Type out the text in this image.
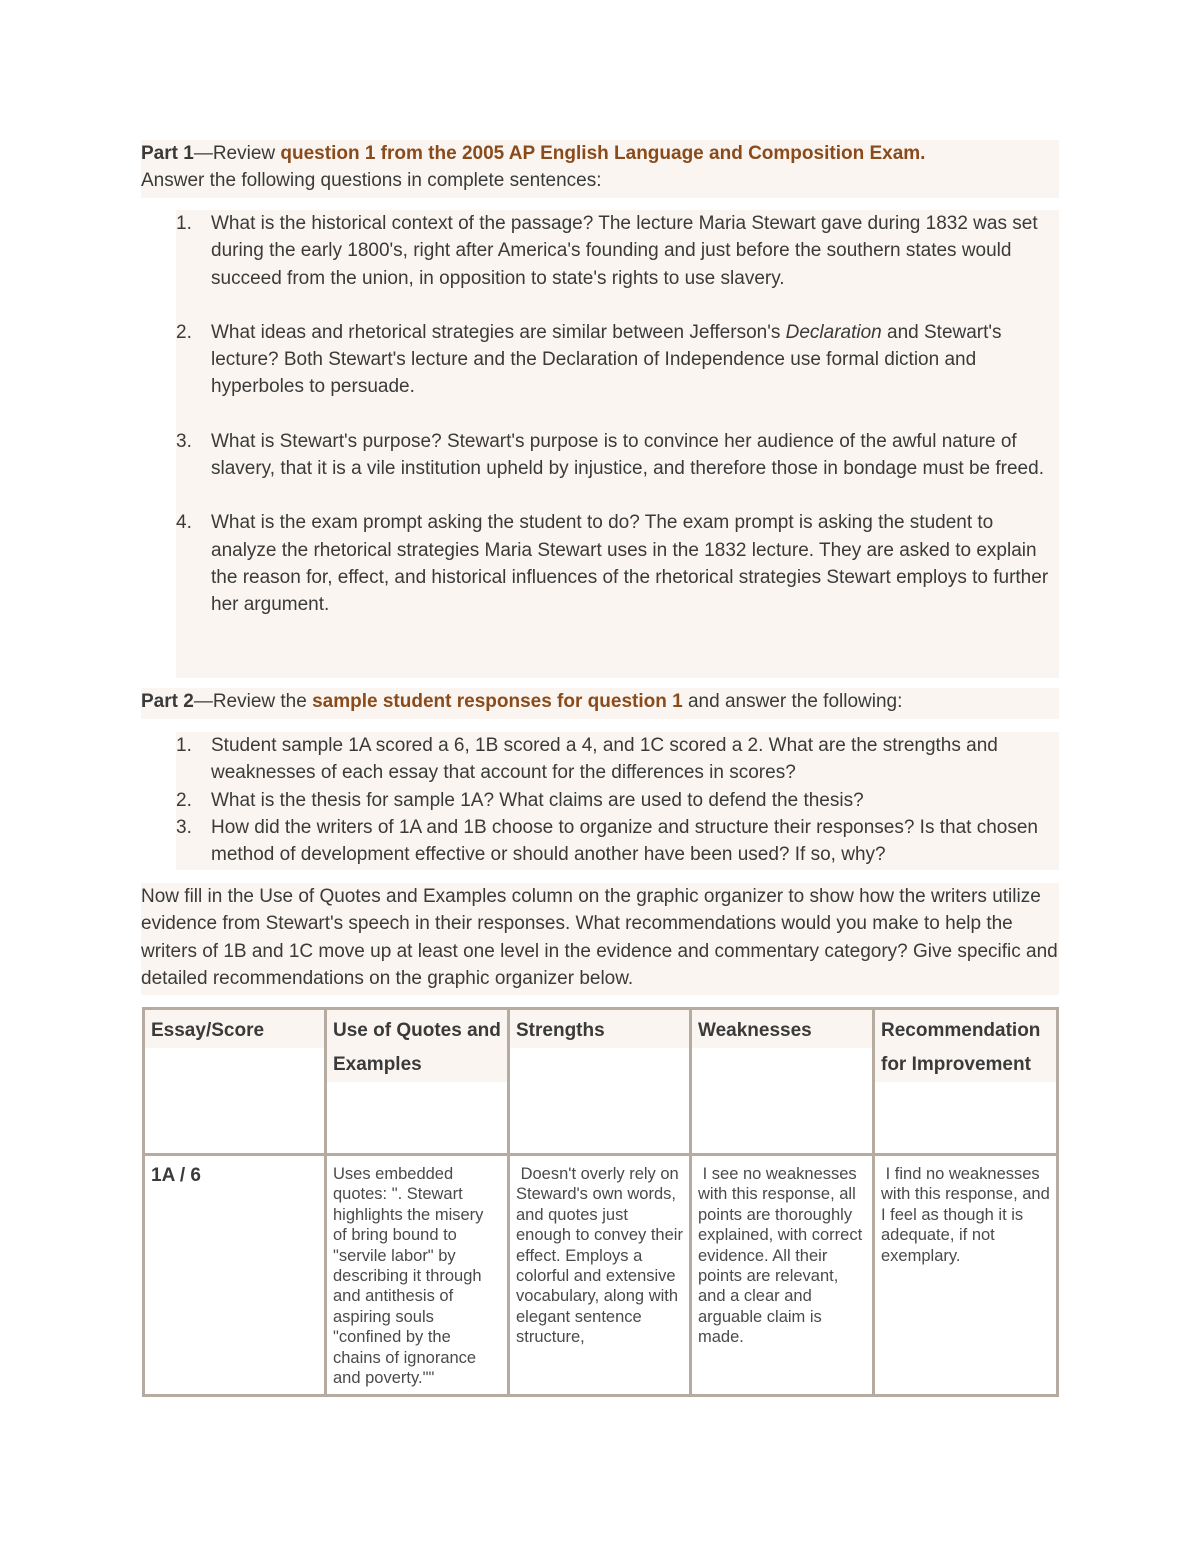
Part 1—Review question 1 from the 2005 AP English Language and Composition Exam.
Answer the following questions in complete sentences:
1. What is the historical context of the passage? The lecture Maria Stewart gave during 1832 was set during the early 1800's, right after America's founding and just before the southern states would succeed from the union, in opposition to state's rights to use slavery.
2. What ideas and rhetorical strategies are similar between Jefferson's Declaration and Stewart's lecture? Both Stewart's lecture and the Declaration of Independence use formal diction and hyperboles to persuade.
3. What is Stewart's purpose? Stewart's purpose is to convince her audience of the awful nature of slavery, that it is a vile institution upheld by injustice, and therefore those in bondage must be freed.
4. What is the exam prompt asking the student to do? The exam prompt is asking the student to analyze the rhetorical strategies Maria Stewart uses in the 1832 lecture. They are asked to explain the reason for, effect, and historical influences of the rhetorical strategies Stewart employs to further her argument.
Part 2—Review the sample student responses for question 1 and answer the following:
1. Student sample 1A scored a 6, 1B scored a 4, and 1C scored a 2. What are the strengths and weaknesses of each essay that account for the differences in scores?
2. What is the thesis for sample 1A? What claims are used to defend the thesis?
3. How did the writers of 1A and 1B choose to organize and structure their responses? Is that chosen method of development effective or should another have been used? If so, why?
Now fill in the Use of Quotes and Examples column on the graphic organizer to show how the writers utilize evidence from Stewart's speech in their responses. What recommendations would you make to help the writers of 1B and 1C move up at least one level in the evidence and commentary category? Give specific and detailed recommendations on the graphic organizer below.
Essay/Score	Use of Quotes and Examples	Strengths	Weaknesses	Recommendation for Improvement

1A / 6	Uses embedded quotes: ". Stewart highlights the misery of bring bound to "servile labor" by describing it through and antithesis of aspiring souls "confined by the chains of ignorance and poverty.""	Doesn't overly rely on Steward's own words, and quotes just enough to convey their effect. Employs a colorful and extensive vocabulary, along with elegant sentence structure,	I see no weaknesses with this response, all points are thoroughly explained, with correct evidence. All their points are relevant, and a clear and arguable claim is made.	I find no weaknesses with this response, and I feel as though it is adequate, if not exemplary.
